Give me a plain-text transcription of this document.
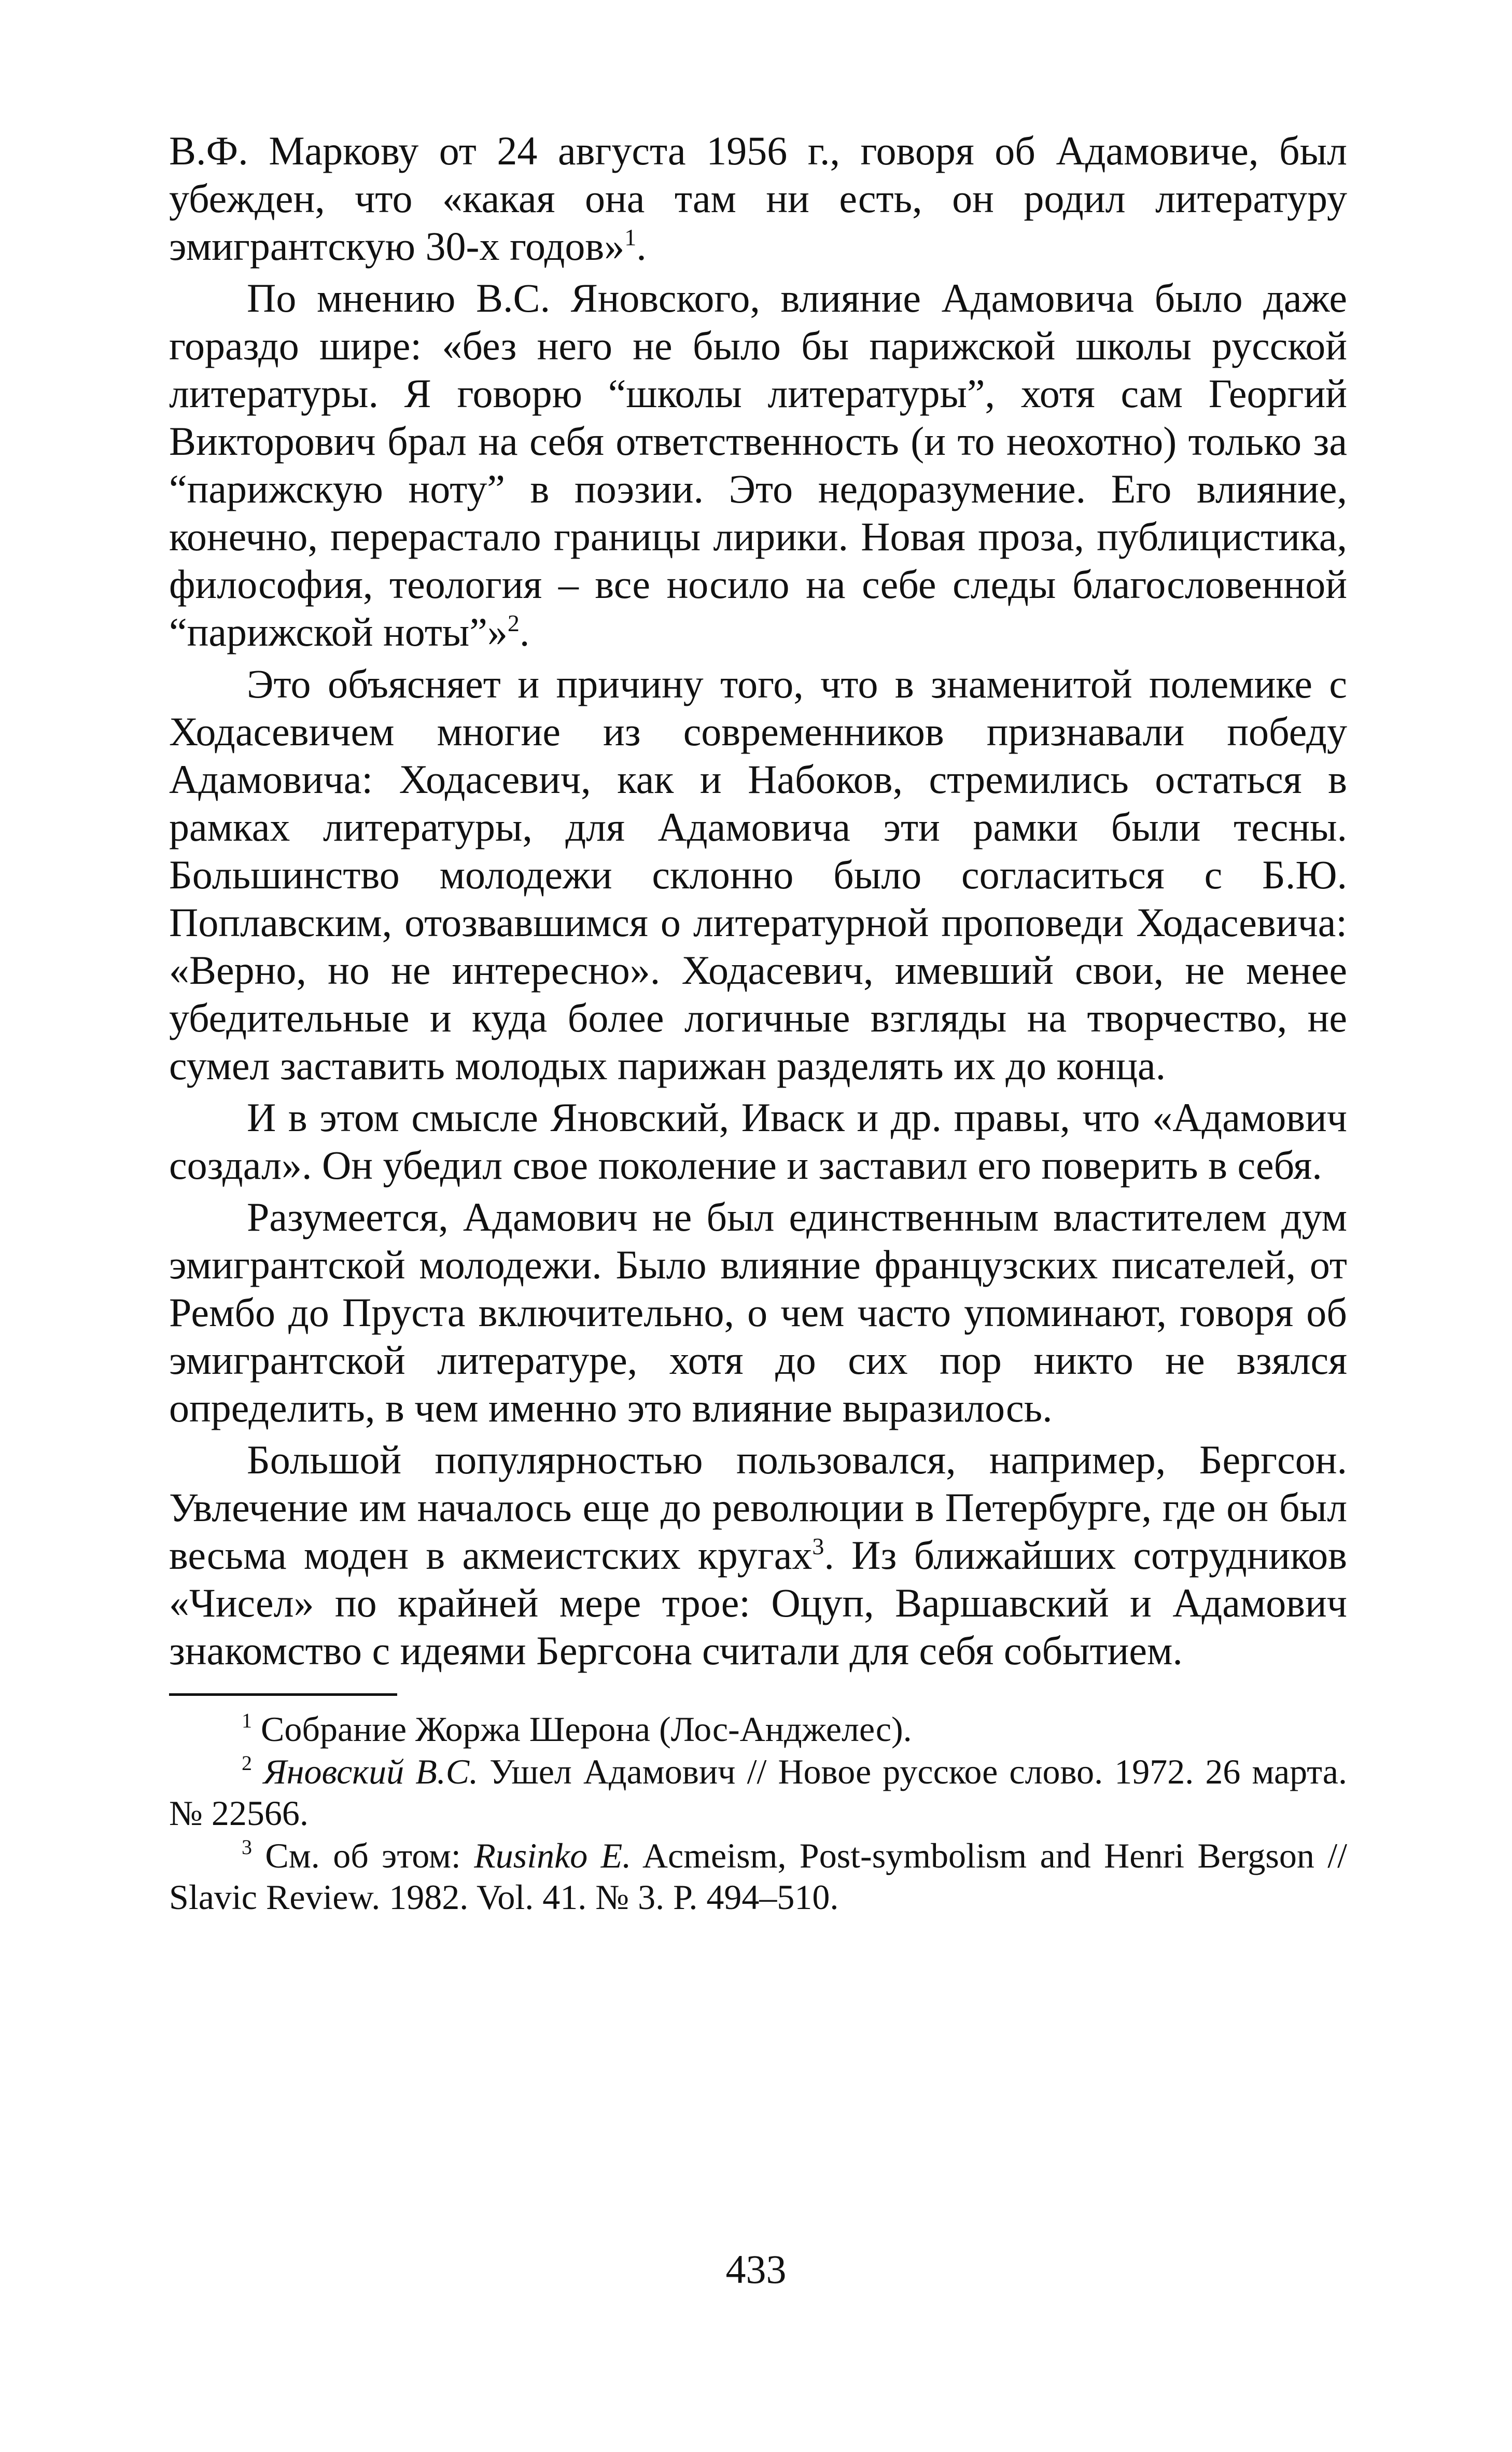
В.Ф. Маркову от 24 августа 1956 г., говоря об Адамовиче, был убежден, что «какая она там ни есть, он родил литературу эмигрантскую 30-х годов»$^1$.

По мнению В.С. Яновского, влияние Адамовича было даже гораздо шире: «без него не было бы парижской школы русской литературы. Я говорю “школы литературы”, хотя сам Георгий Викторович брал на себя ответственность (и то неохотно) только за “парижскую ноту” в поэзии. Это недоразумение. Его влияние, конечно, перерастало границы лирики. Новая проза, публицистика, философия, теология – все носило на себе следы благословенной “парижской ноты”»$^2$.

Это объясняет и причину того, что в знаменитой полемике с Ходасевичем многие из современников признавали победу Адамовича: Ходасевич, как и Набоков, стремились остаться в рамках литературы, для Адамовича эти рамки были тесны. Большинство молодежи склонно было согласиться с Б.Ю. Поплавским, отозвавшимся о литературной проповеди Ходасевича: «Верно, но не интересно». Ходасевич, имевший свои, не менее убедительные и куда более логичные взгляды на творчество, не сумел заставить молодых парижан разделять их до конца.

И в этом смысле Яновский, Иваск и др. правы, что «Адамович создал». Он убедил свое поколение и заставил его поверить в себя.

Разумеется, Адамович не был единственным властителем дум эмигрантской молодежи. Было влияние французских писателей, от Рембо до Пруста включительно, о чем часто упоминают, говоря об эмигрантской литературе, хотя до сих пор никто не взялся определить, в чем именно это влияние выразилось.

Большой популярностью пользовался, например, Бергсон. Увлечение им началось еще до революции в Петербурге, где он был весьма моден в акмеистских кругах$^3$. Из ближайших сотрудников «Чисел» по крайней мере трое: Оцуп, Варшавский и Адамович знакомство с идеями Бергсона считали для себя событием.

$^1$ Собрание Жоржа Шерона (Лос-Анджелес).

$^2$ Яновский В.С. Ушел Адамович // Новое русское слово. 1972. 26 марта. № 22566.

$^3$ См. об этом: Rusinko E. Acmeism, Post-symbolism and Henri Bergson // Slavic Review. 1982. Vol. 41. № 3. P. 494–510.

433
